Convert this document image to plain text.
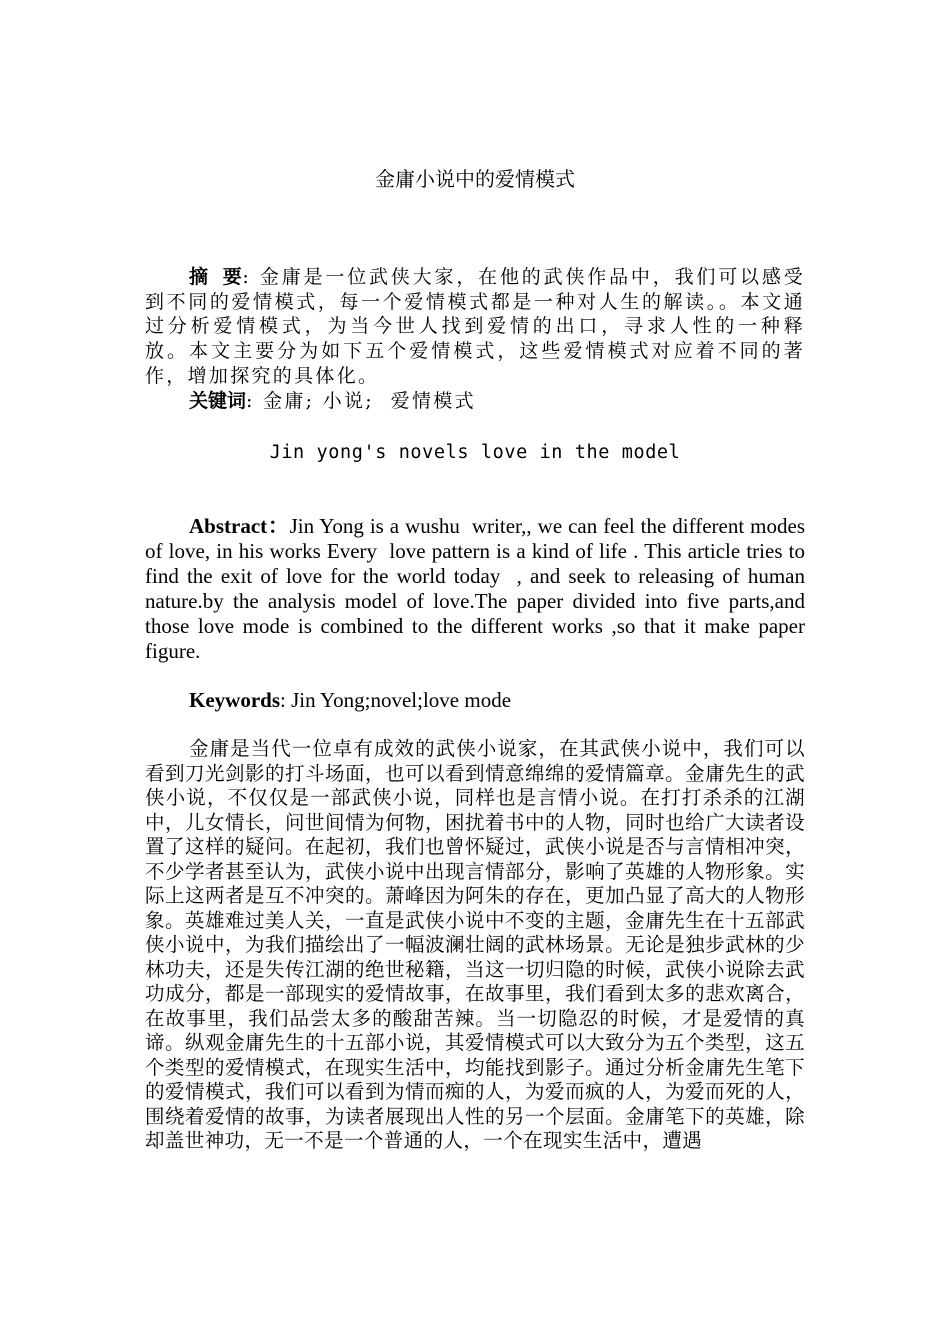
金庸小说中的爱情模式

摘  要: 金庸是一位武侠大家，在他的武侠作品中，我们可以感受到不同的爱情模式，每一个爱情模式都是一种对人生的解读。。本文通过分析爱情模式，为当今世人找到爱情的出口，寻求人性的一种释放。本文主要分为如下五个爱情模式，这些爱情模式对应着不同的著作，增加探究的具体化。

关键词: 金庸; 小说;  爱情模式

Jin yong's novels love in the model

Abstract：Jin Yong is a wushu  writer,, we can feel the different modes of love, in his works Every  love pattern is a kind of life . This article tries to find the exit of love for the world today  , and seek to releasing of human nature.by the analysis model of love.The paper divided into five parts,and those love mode is combined to the different works ,so that it make paper figure.

Keywords: Jin Yong;novel;love mode

金庸是当代一位卓有成效的武侠小说家，在其武侠小说中，我们可以看到刀光剑影的打斗场面，也可以看到情意绵绵的爱情篇章。金庸先生的武侠小说，不仅仅是一部武侠小说，同样也是言情小说。在打打杀杀的江湖中，儿女情长，问世间情为何物，困扰着书中的人物，同时也给广大读者设置了这样的疑问。在起初，我们也曾怀疑过，武侠小说是否与言情相冲突，不少学者甚至认为，武侠小说中出现言情部分，影响了英雄的人物形象。实际上这两者是互不冲突的。萧峰因为阿朱的存在，更加凸显了高大的人物形象。英雄难过美人关，一直是武侠小说中不变的主题，金庸先生在十五部武侠小说中，为我们描绘出了一幅波澜壮阔的武林场景。无论是独步武林的少林功夫，还是失传江湖的绝世秘籍，当这一切归隐的时候，武侠小说除去武功成分，都是一部现实的爱情故事，在故事里，我们看到太多的悲欢离合，在故事里，我们品尝太多的酸甜苦辣。当一切隐忍的时候，才是爱情的真谛。纵观金庸先生的十五部小说，其爱情模式可以大致分为五个类型，这五个类型的爱情模式，在现实生活中，均能找到影子。通过分析金庸先生笔下的爱情模式，我们可以看到为情而痴的人，为爱而疯的人，为爱而死的人，围绕着爱情的故事，为读者展现出人性的另一个层面。金庸笔下的英雄，除却盖世神功，无一不是一个普通的人，一个在现实生活中，遭遇
